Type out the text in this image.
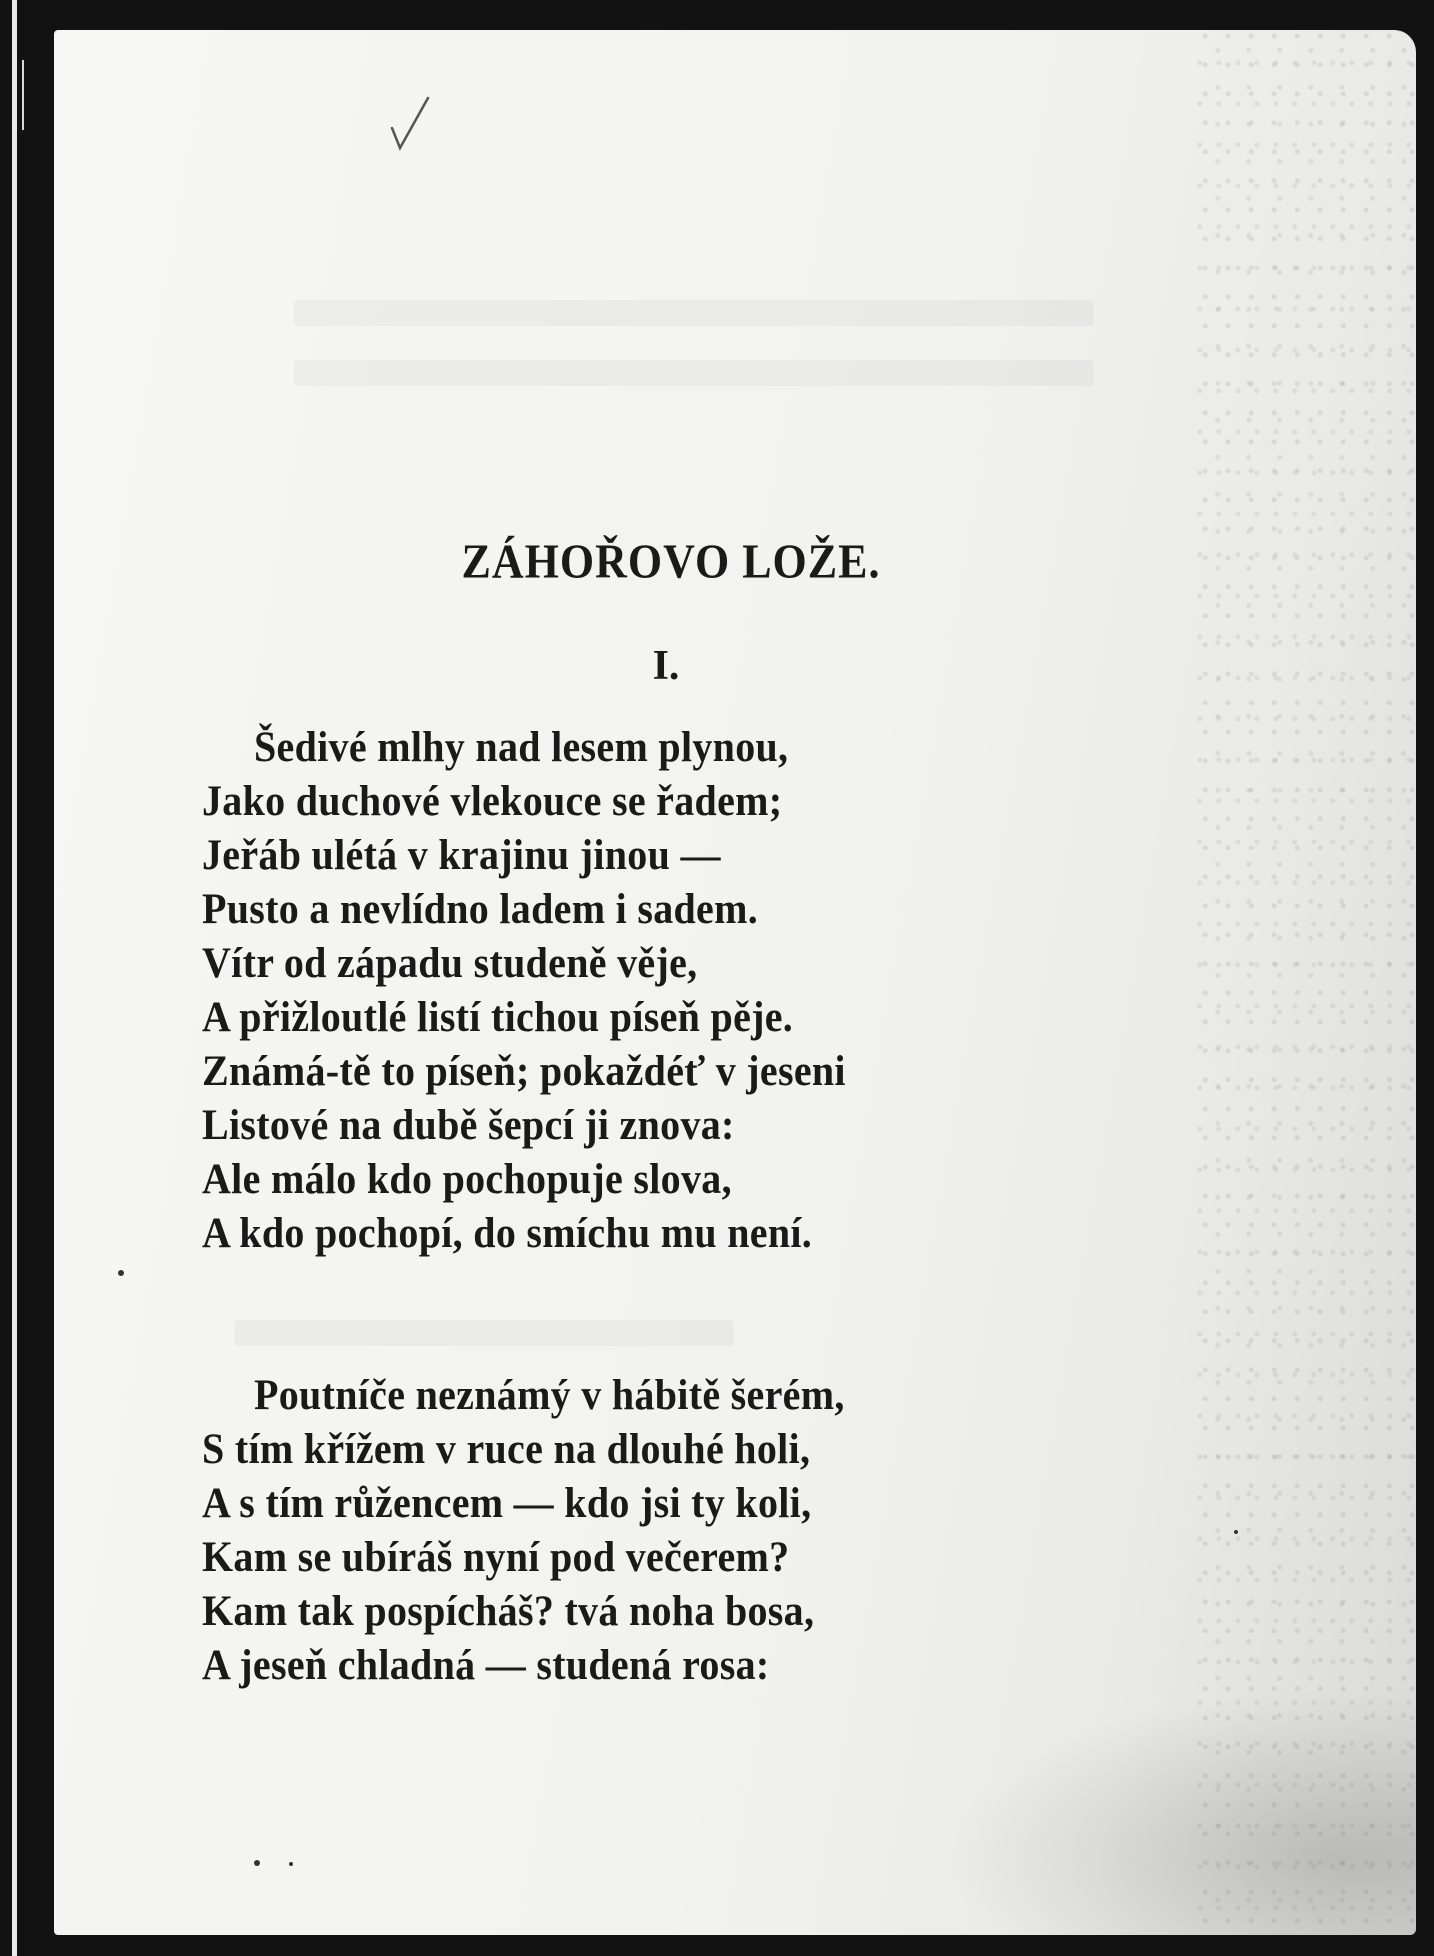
ZÁHOŘOVO LOŽE.
I.
Šedivé mlhy nad lesem plynou,
Jako duchové vlekouce se řadem;
Jeřáb ulétá v krajinu jinou —
Pusto a nevlídno ladem i sadem.
Vítr od západu studeně věje,
A přižloutlé listí tichou píseň pěje.
Známá-tě to píseň; pokaždéť v jeseni
Listové na dubě šepcí ji znova:
Ale málo kdo pochopuje slova,
A kdo pochopí, do smíchu mu není.
Poutníče neznámý v hábitě šerém,
S tím křížem v ruce na dlouhé holi,
A s tím růžencem — kdo jsi ty koli,
Kam se ubíráš nyní pod večerem?
Kam tak pospícháš? tvá noha bosa,
A jeseň chladná — studená rosa:
